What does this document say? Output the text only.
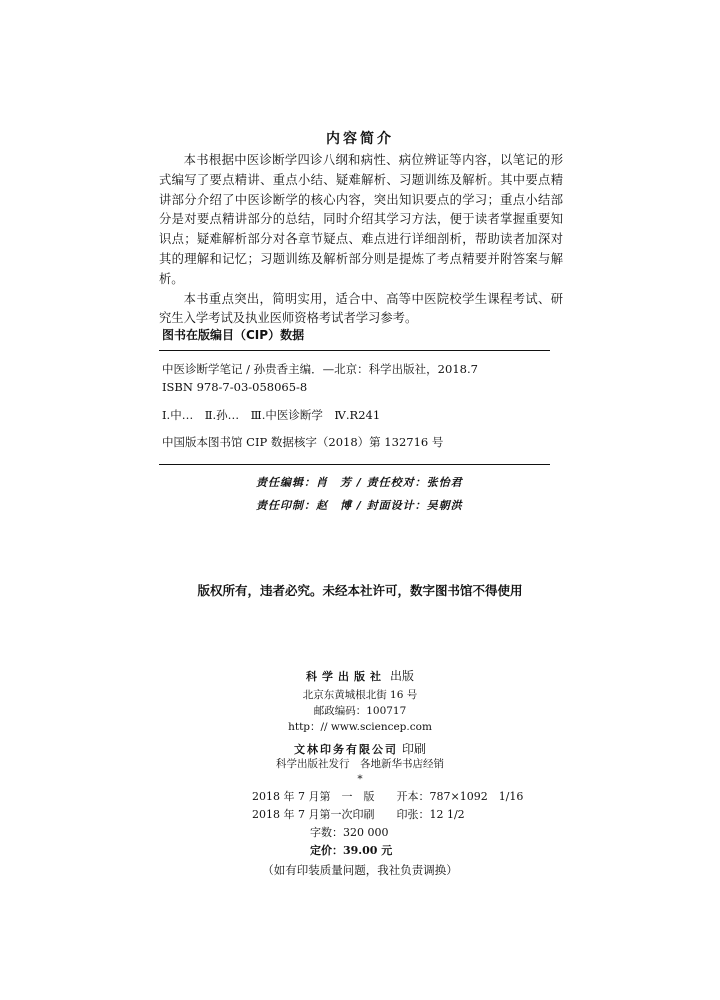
内容简介

本书根据中医诊断学四诊八纲和病性、病位辨证等内容，以笔记的形式编写了要点精讲、重点小结、疑难解析、习题训练及解析。其中要点精讲部分介绍了中医诊断学的核心内容，突出知识要点的学习；重点小结部分是对要点精讲部分的总结，同时介绍其学习方法，便于读者掌握重要知识点；疑难解析部分对各章节疑点、难点进行详细剖析，帮助读者加深对其的理解和记忆；习题训练及解析部分则是提炼了考点精要并附答案与解析。

本书重点突出，简明实用，适合中、高等中医院校学生课程考试、研究生入学考试及执业医师资格考试者学习参考。

图书在版编目（CIP）数据
中医诊断学笔记 / 孙贵香主编．—北京：科学出版社，2018.7
ISBN 978-7-03-058065-8
Ⅰ.中…　Ⅱ.孙…　Ⅲ.中医诊断学　Ⅳ.R241
中国版本图书馆 CIP 数据核字（2018）第 132716 号
责任编辑：肖　芳 / 责任校对：张怡君
责任印制：赵　博 / 封面设计：吴朝洪
版权所有，违者必究。未经本社许可，数字图书馆不得使用
科学出版社 出版
北京东黄城根北街 16 号
邮政编码：100717
http：// www.sciencep.com
文林印务有限公司 印刷
科学出版社发行　各地新华书店经销
*
2018 年 7 月第　一　版　　开本：787×1092　1/16
2018 年 7 月第一次印刷　　印张：12 1/2
字数：320 000
定价：39.00 元
（如有印装质量问题，我社负责调换）
